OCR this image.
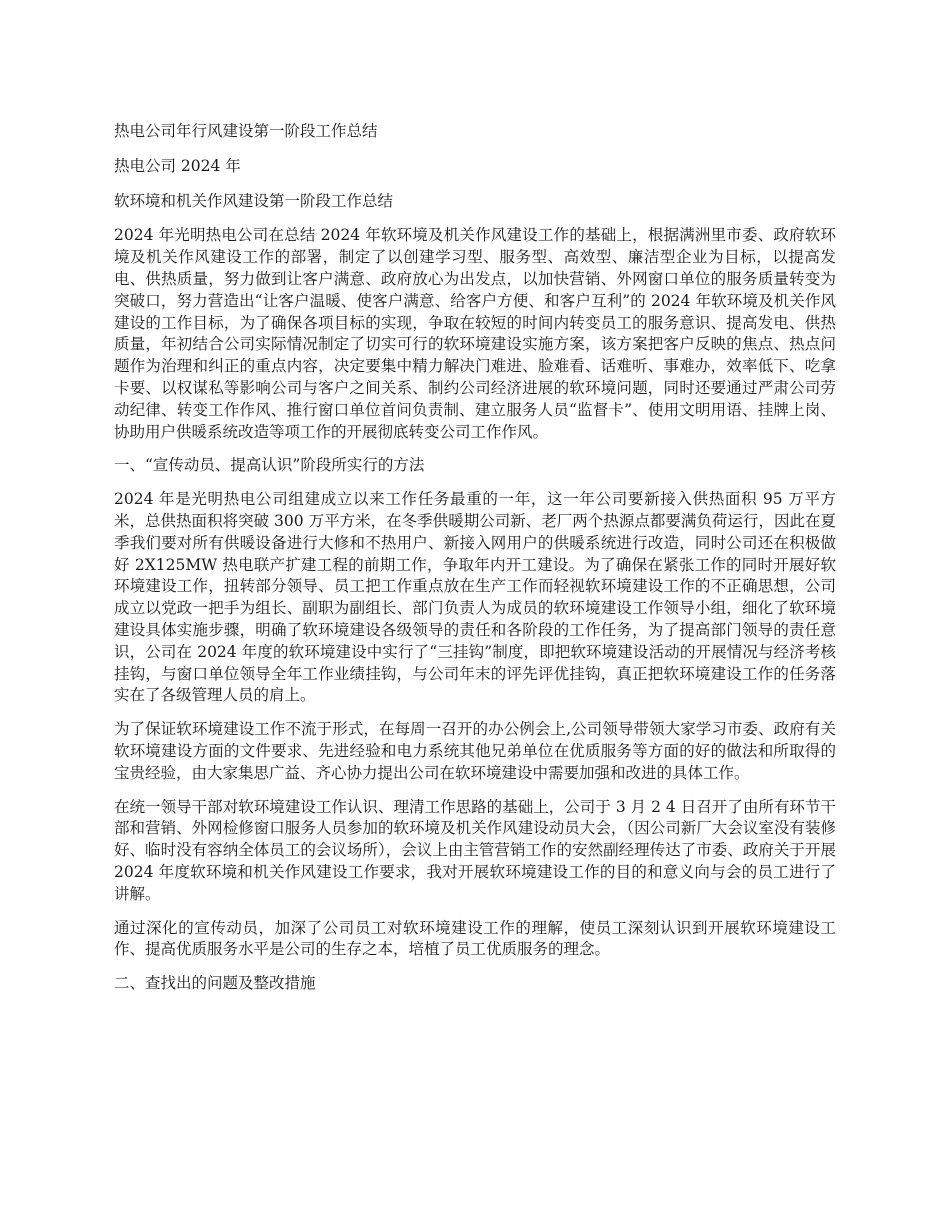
热电公司年行风建设第一阶段工作总结

热电公司 2024 年

软环境和机关作风建设第一阶段工作总结

2024 年光明热电公司在总结 2024 年软环境及机关作风建设工作的基础上，根据满洲里市委、政府软环境及机关作风建设工作的部署，制定了以创建学习型、服务型、高效型、廉洁型企业为目标，以提高发电、供热质量，努力做到让客户满意、政府放心为出发点，以加快营销、外网窗口单位的服务质量转变为突破口，努力营造出“让客户温暖、使客户满意、给客户方便、和客户互利”的 2024 年软环境及机关作风建设的工作目标，为了确保各项目标的实现，争取在较短的时间内转变员工的服务意识、提高发电、供热质量，年初结合公司实际情况制定了切实可行的软环境建设实施方案，该方案把客户反映的焦点、热点问题作为治理和纠正的重点内容，决定要集中精力解决门难进、脸难看、话难听、事难办，效率低下、吃拿卡要、以权谋私等影响公司与客户之间关系、制约公司经济进展的软环境问题，同时还要通过严肃公司劳动纪律、转变工作作风、推行窗口单位首问负责制、建立服务人员“监督卡”、使用文明用语、挂牌上岗、协助用户供暖系统改造等项工作的开展彻底转变公司工作作风。

一、“宣传动员、提高认识”阶段所实行的方法

2024 年是光明热电公司组建成立以来工作任务最重的一年，这一年公司要新接入供热面积 95 万平方米，总供热面积将突破 300 万平方米，在冬季供暖期公司新、老厂两个热源点都要满负荷运行，因此在夏季我们要对所有供暖设备进行大修和不热用户、新接入网用户的供暖系统进行改造，同时公司还在积极做好 2X125MW 热电联产扩建工程的前期工作，争取年内开工建设。为了确保在紧张工作的同时开展好软环境建设工作，扭转部分领导、员工把工作重点放在生产工作而轻视软环境建设工作的不正确思想，公司成立以党政一把手为组长、副职为副组长、部门负责人为成员的软环境建设工作领导小组，细化了软环境建设具体实施步骤，明确了软环境建设各级领导的责任和各阶段的工作任务，为了提高部门领导的责任意识，公司在 2024 年度的软环境建设中实行了“三挂钩”制度，即把软环境建设活动的开展情况与经济考核挂钩，与窗口单位领导全年工作业绩挂钩，与公司年末的评先评优挂钩，真正把软环境建设工作的任务落实在了各级管理人员的肩上。

为了保证软环境建设工作不流于形式，在每周一召开的办公例会上,公司领导带领大家学习市委、政府有关软环境建设方面的文件要求、先进经验和电力系统其他兄弟单位在优质服务等方面的好的做法和所取得的宝贵经验，由大家集思广益、齐心协力提出公司在软环境建设中需要加强和改进的具体工作。

在统一领导干部对软环境建设工作认识、理清工作思路的基础上，公司于 3 月 2 4 日召开了由所有环节干部和营销、外网检修窗口服务人员参加的软环境及机关作风建设动员大会，（因公司新厂大会议室没有装修好、临时没有容纳全体员工的会议场所），会议上由主管营销工作的安然副经理传达了市委、政府关于开展 2024 年度软环境和机关作风建设工作要求，我对开展软环境建设工作的目的和意义向与会的员工进行了讲解。

通过深化的宣传动员，加深了公司员工对软环境建设工作的理解，使员工深刻认识到开展软环境建设工作、提高优质服务水平是公司的生存之本，培植了员工优质服务的理念。

二、查找出的问题及整改措施
